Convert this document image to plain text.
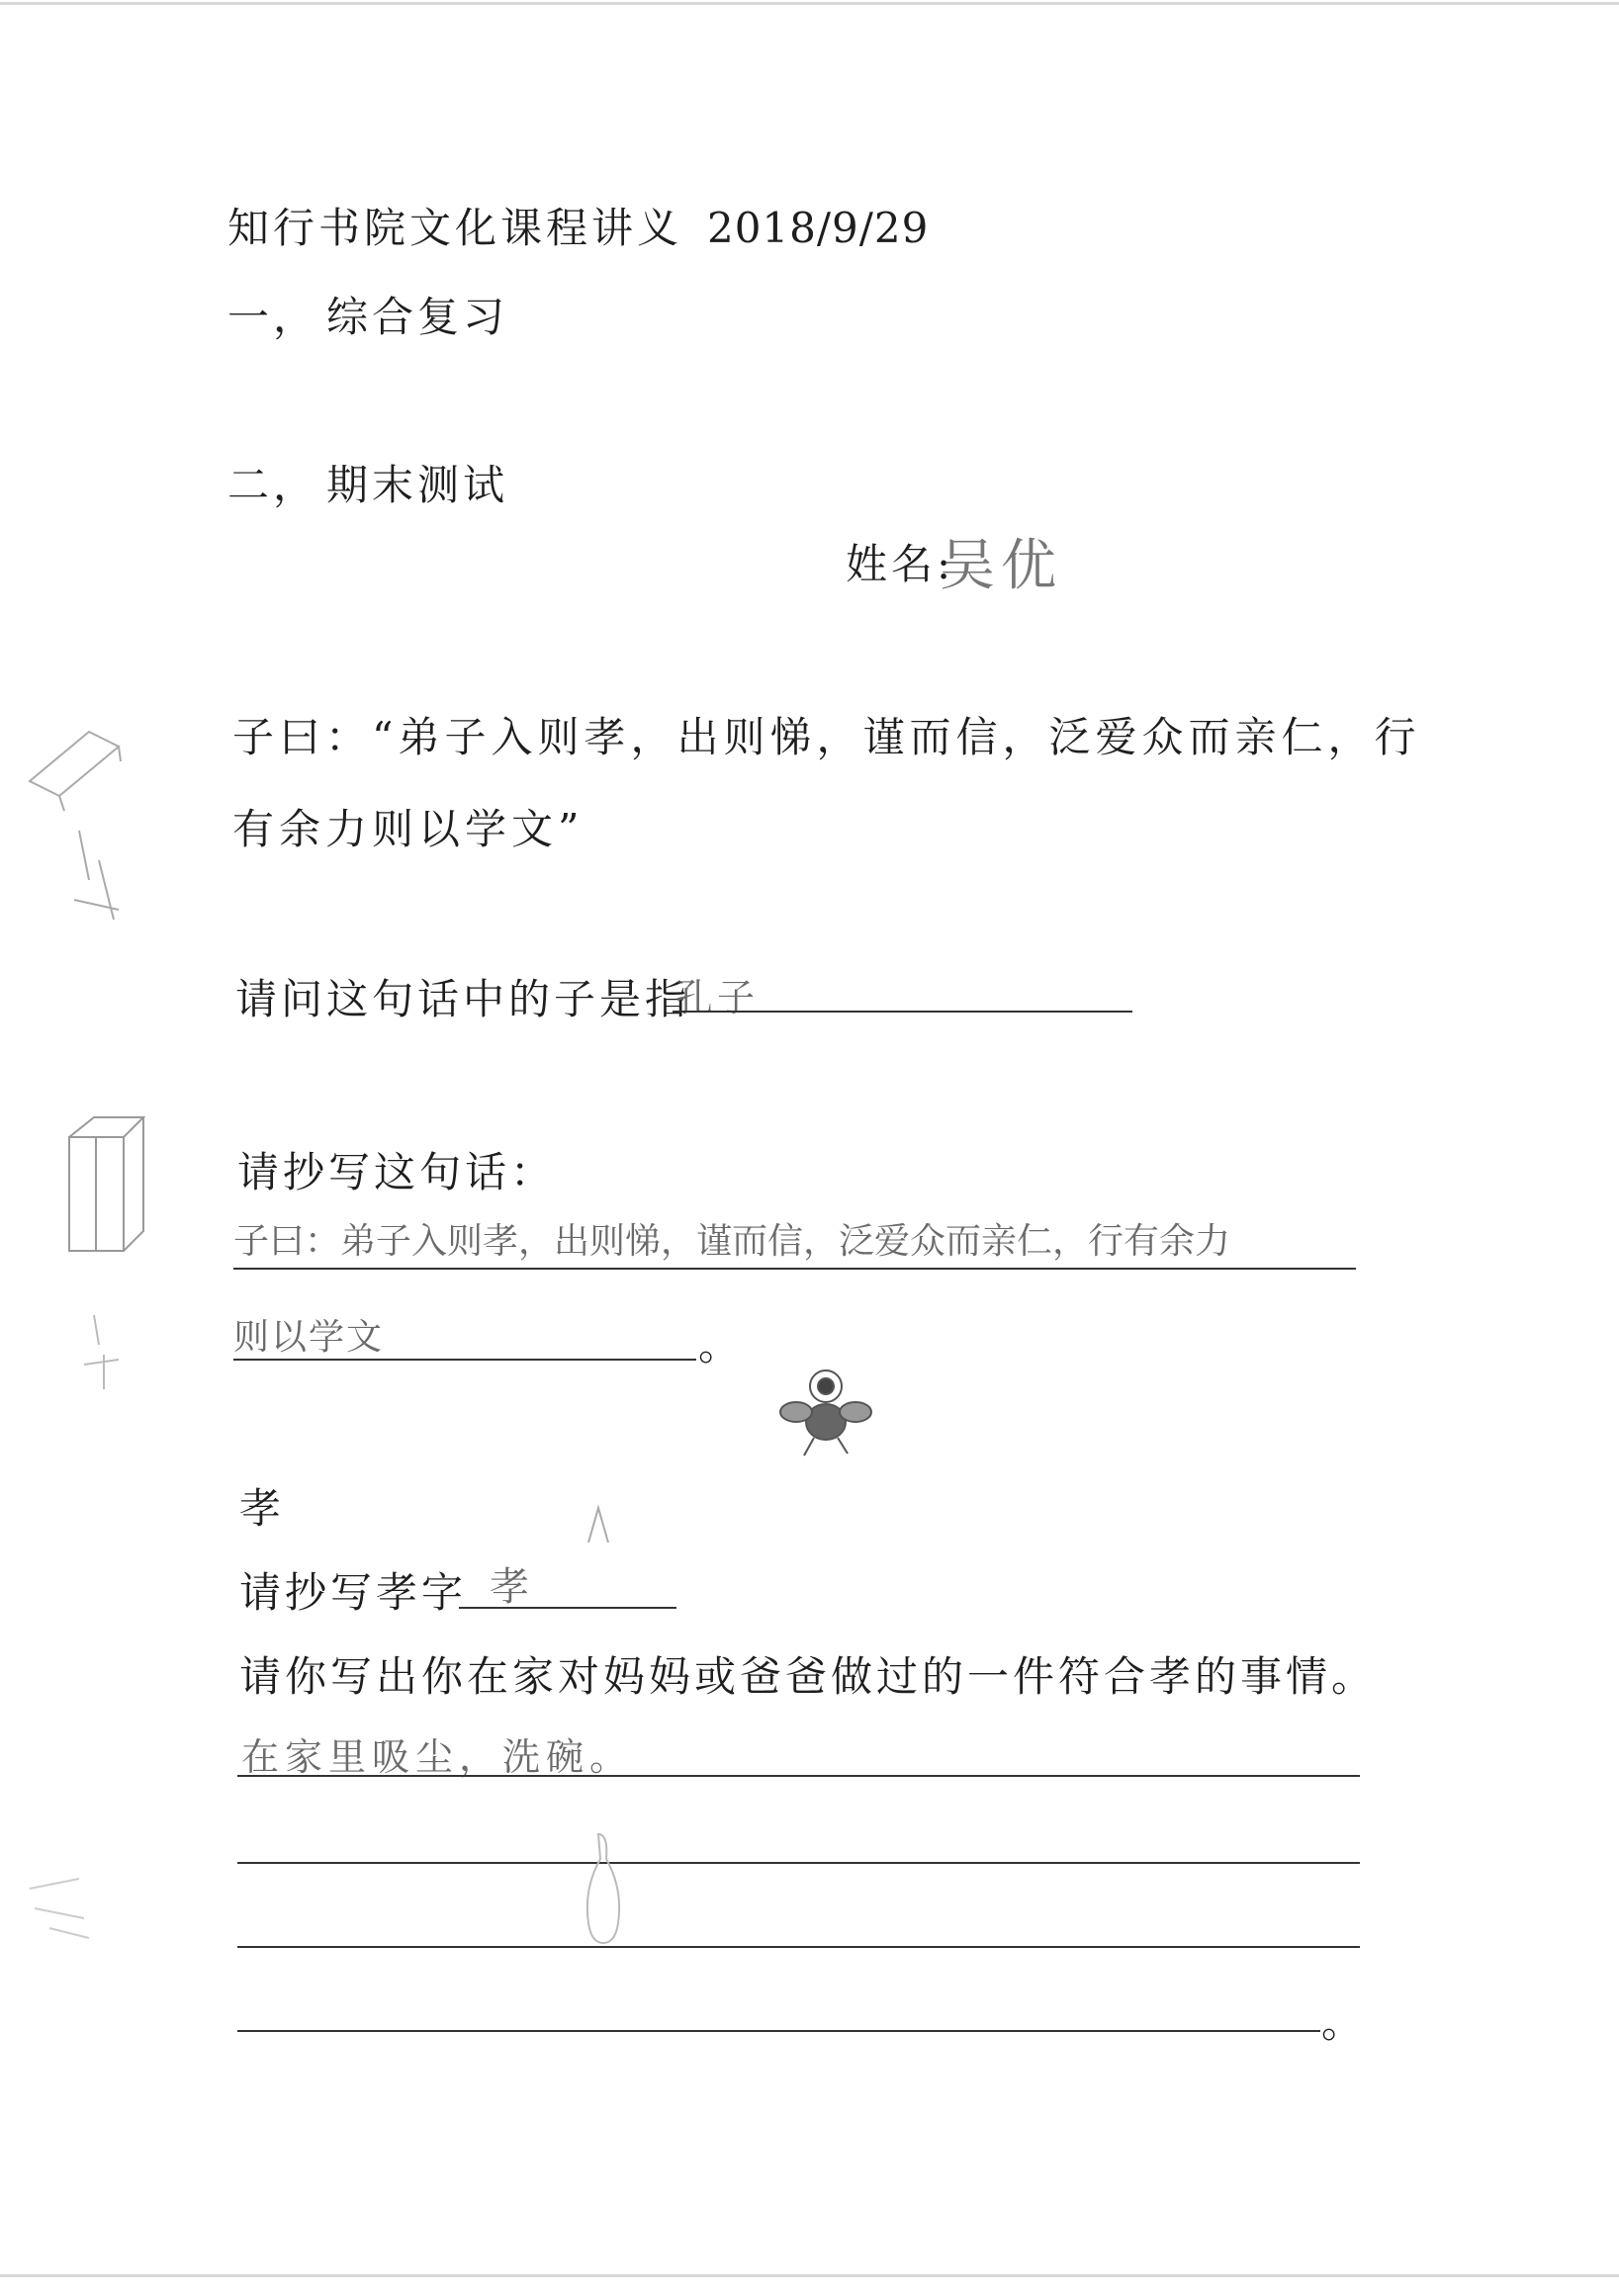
知行书院文化课程讲义 2018/9/29
一， 综合复习
二， 期末测试
姓名:
吴优
子曰：“弟子入则孝，出则悌，谨而信，泛爱众而亲仁，行
有余力则以学文”
请问这句话中的子是指
孔子
请抄写这句话：
子曰：弟子入则孝，出则悌，谨而信，泛爱众而亲仁，行有余力
则以学文	。
孝
请抄写孝字 孝
请你写出你在家对妈妈或爸爸做过的一件符合孝的事情。
在家里吸尘，洗碗。
。
